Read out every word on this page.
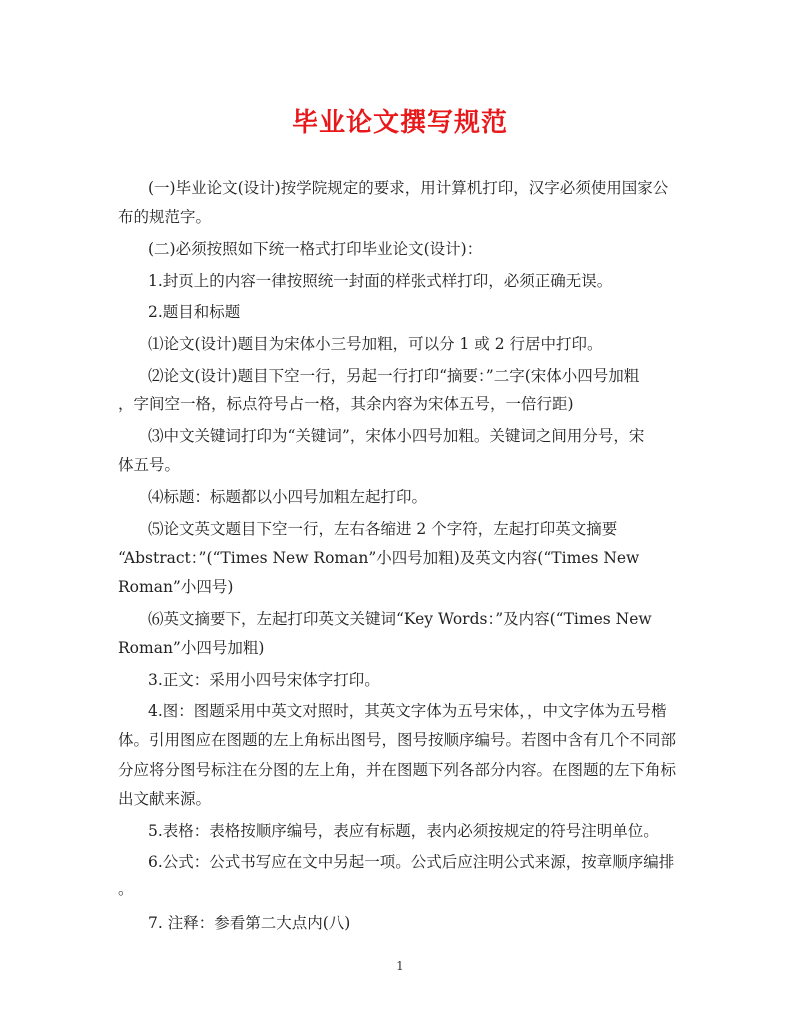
毕业论文撰写规范
(一)毕业论文(设计)按学院规定的要求，用计算机打印，汉字必须使用国家公
布的规范字。
(二)必须按照如下统一格式打印毕业论文(设计)：
1.封页上的内容一律按照统一封面的样张式样打印，必须正确无误。
2.题目和标题
⑴论文(设计)题目为宋体小三号加粗，可以分 1 或 2 行居中打印。
⑵论文(设计)题目下空一行，另起一行打印“摘要：”二字(宋体小四号加粗
，字间空一格，标点符号占一格，其余内容为宋体五号，一倍行距)
⑶中文关键词打印为“关键词”，宋体小四号加粗。关键词之间用分号，宋
体五号。
⑷标题：标题都以小四号加粗左起打印。
⑸论文英文题目下空一行，左右各缩进 2 个字符，左起打印英文摘要
“Abstract：”(“Times New Roman”小四号加粗)及英文内容(“Times New
Roman”小四号)
⑹英文摘要下，左起打印英文关键词“Key Words：”及内容(“Times New
Roman”小四号加粗)
3.正文：采用小四号宋体字打印。
4.图：图题采用中英文对照时，其英文字体为五号宋体，，中文字体为五号楷
体。引用图应在图题的左上角标出图号，图号按顺序编号。若图中含有几个不同部
分应将分图号标注在分图的左上角，并在图题下列各部分内容。在图题的左下角标
出文献来源。
5.表格：表格按顺序编号，表应有标题，表内必须按规定的符号注明单位。
6.公式：公式书写应在文中另起一项。公式后应注明公式来源，按章顺序编排
。
7. 注释：参看第二大点内(八)
1
